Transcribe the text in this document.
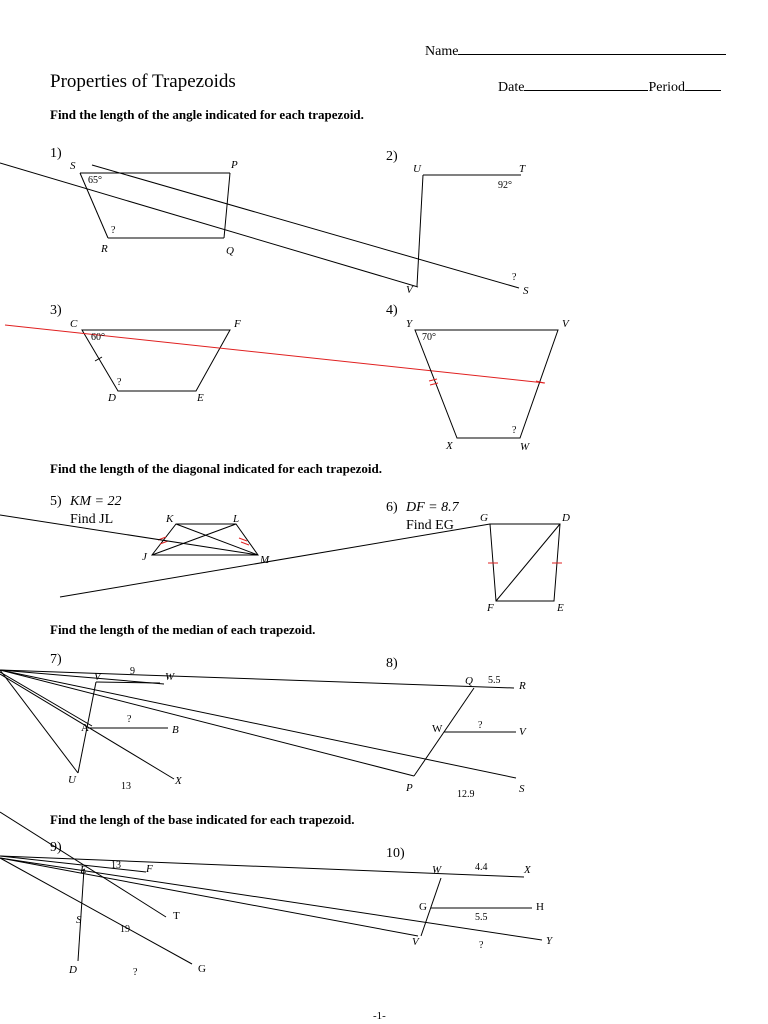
Name
Properties of Trapezoids	Date	Period
Find the length of the angle indicated for each trapezoid.
Find the length of the diagonal indicated for each trapezoid.
Find the length of the median of each trapezoid.
Find the lengh of the base indicated for each trapezoid.
1)
S	P
R	Q
65°
?
2)
U	T
V	S
92°
?
3)
C	F
D	E
60°
?
4)
Y	V
X	W
70°
?
5) KM = 22
Find JL	K	L
J	M
6) DF = 8.7
Find EG G	D
F	E
7)
V	W
9
A	B
?
U	X
13
8)
Q 5.5 R
W	?
V
P
12.9	S
9)
E 13 F
S	T
19
D	?	G
10)
W	4.4	X
G
5.5
H
V	?	Y
-1-
